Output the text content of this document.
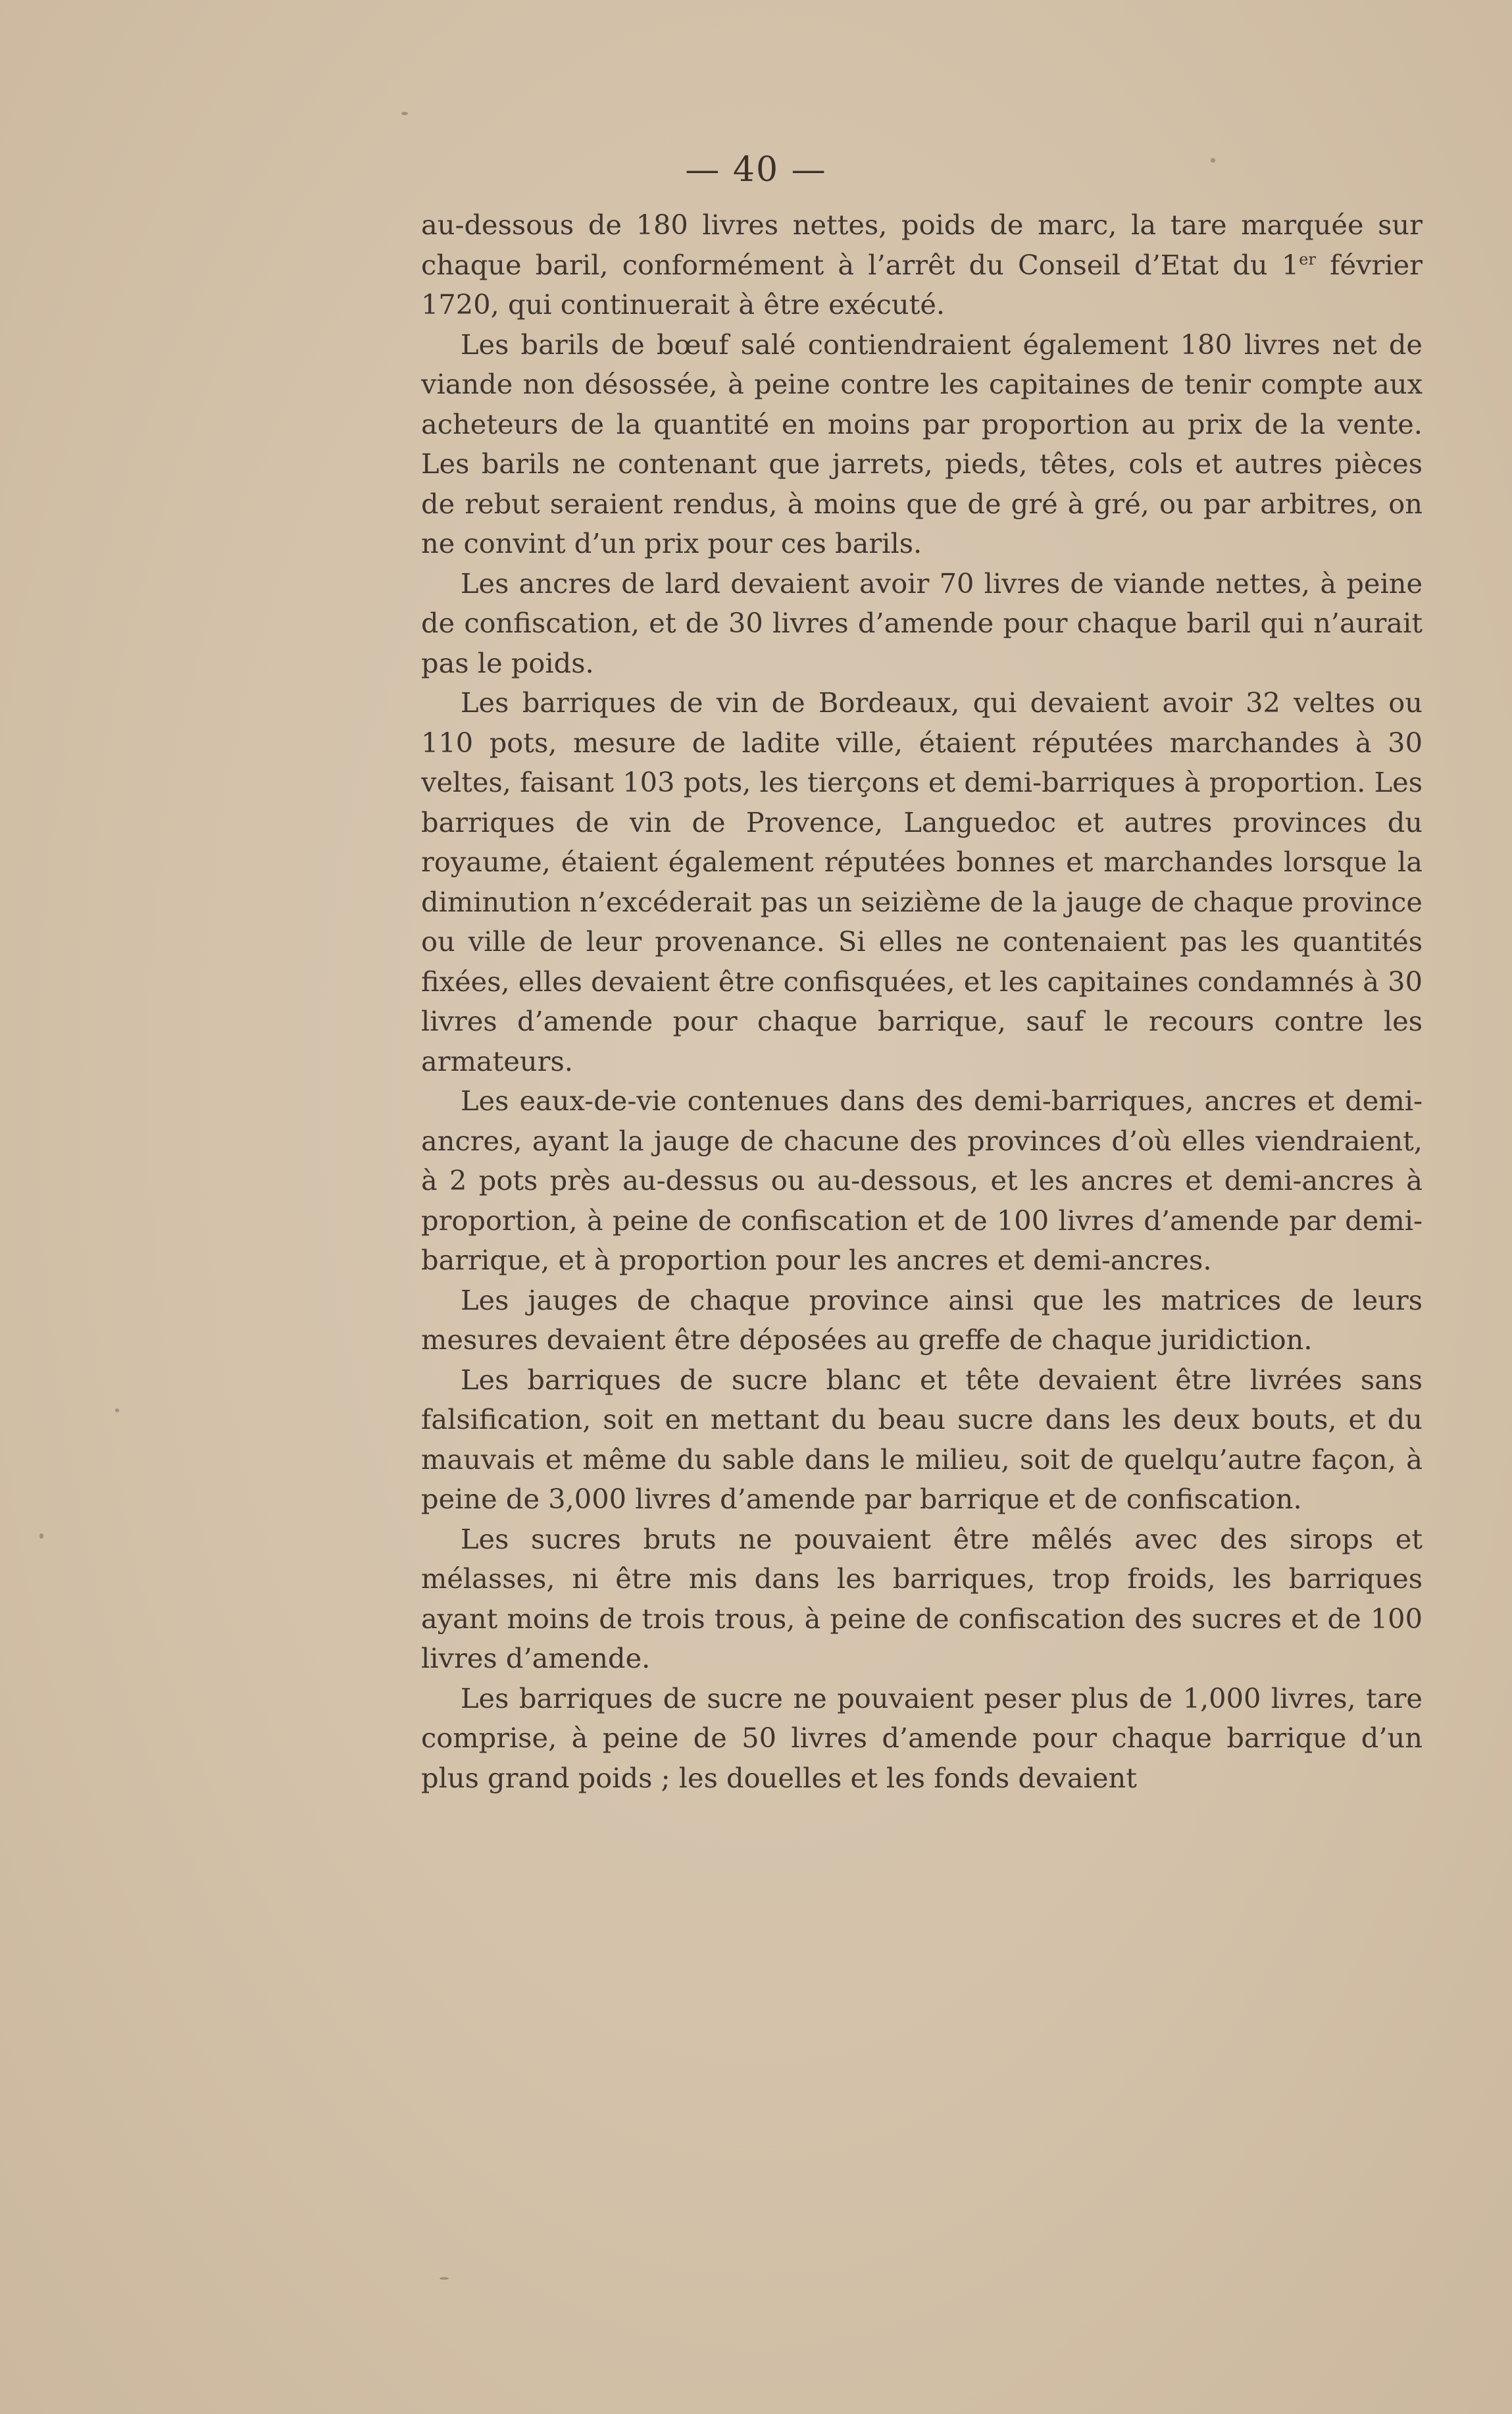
— 40 —

au-dessous de 180 livres nettes, poids de marc, la tare marquée sur chaque baril, conformément à l’arrêt du Conseil d’Etat du 1er février 1720, qui continuerait à être exécuté.

Les barils de bœuf salé contiendraient également 180 livres net de viande non désossée, à peine contre les capitaines de tenir compte aux acheteurs de la quantité en moins par proportion au prix de la vente. Les barils ne contenant que jarrets, pieds, têtes, cols et autres pièces de rebut seraient rendus, à moins que de gré à gré, ou par arbitres, on ne convint d’un prix pour ces barils.

Les ancres de lard devaient avoir 70 livres de viande nettes, à peine de confiscation, et de 30 livres d’amende pour chaque baril qui n’aurait pas le poids.

Les barriques de vin de Bordeaux, qui devaient avoir 32 veltes ou 110 pots, mesure de ladite ville, étaient réputées marchandes à 30 veltes, faisant 103 pots, les tierçons et demi-barriques à proportion. Les barriques de vin de Provence, Languedoc et autres provinces du royaume, étaient également réputées bonnes et marchandes lorsque la diminution n’excéderait pas un seizième de la jauge de chaque province ou ville de leur provenance. Si elles ne contenaient pas les quantités fixées, elles devaient être confisquées, et les capitaines condamnés à 30 livres d’amende pour chaque barrique, sauf le recours contre les armateurs.

Les eaux-de-vie contenues dans des demi-barriques, ancres et demi-ancres, ayant la jauge de chacune des provinces d’où elles viendraient, à 2 pots près au-dessus ou au-dessous, et les ancres et demi-ancres à proportion, à peine de confiscation et de 100 livres d’amende par demi-barrique, et à proportion pour les ancres et demi-ancres.

Les jauges de chaque province ainsi que les matrices de leurs mesures devaient être déposées au greffe de chaque juridiction.

Les barriques de sucre blanc et tête devaient être livrées sans falsification, soit en mettant du beau sucre dans les deux bouts, et du mauvais et même du sable dans le milieu, soit de quelqu’autre façon, à peine de 3,000 livres d’amende par barrique et de confiscation.

Les sucres bruts ne pouvaient être mêlés avec des sirops et mélasses, ni être mis dans les barriques, trop froids, les barriques ayant moins de trois trous, à peine de confiscation des sucres et de 100 livres d’amende.

Les barriques de sucre ne pouvaient peser plus de 1,000 livres, tare comprise, à peine de 50 livres d’amende pour chaque barrique d’un plus grand poids ; les douelles et les fonds devaient
